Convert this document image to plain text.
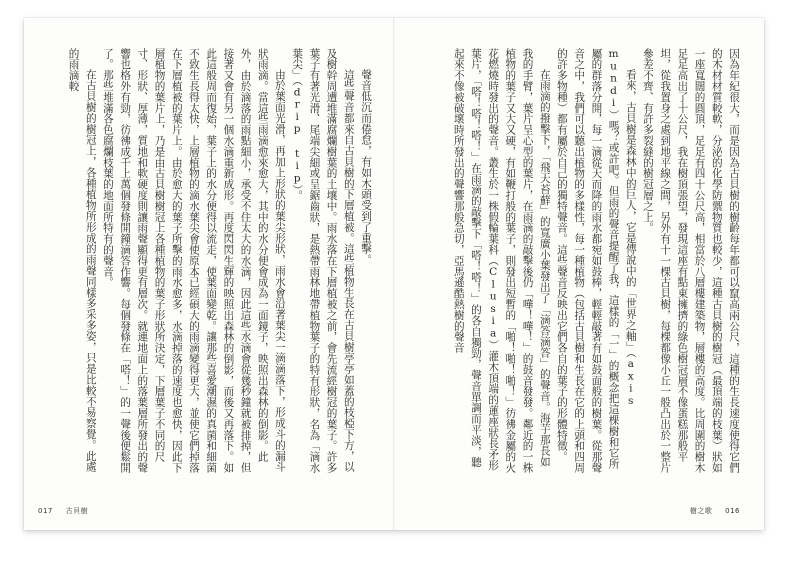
聲音低沉而倦怠，有如木頭受到了重擊。

這些聲音都來自古貝樹的下層植被。這些植物生長在古貝樹亭亭如蓋的枝椏下方，以及樹幹周遭堆滿腐爛樹葉的土壤中。雨水落在下層植被之前，會先流經樹冠的葉子。許多葉子有著光滑、尾端尖細或呈鋸齒狀，是熱帶雨林地帶植物葉子的特有形狀，名為「滴水葉尖」（drip tip）。

由於葉面光滑，再加上形狀的葉尖形狀，雨水會沿著葉尖一滴滴落下，形成斗的漏斗狀雨滴。當這些雨滴愈來愈大，其中的水分便會成為一面鏡子，映照出森林的倒影。此外，由於滴落的雨點細小，承受不住太大的水滴，因此這些水滴會從幾秒鐘就被排掉，但接著又會有另一個水滴重新成形。再度閃閃生輝的映照出森林的倒影，而後又再落下。如此這般周而復始，葉子上的水分便得以流走，使葉面變乾。讓那些喜愛潮濕的真菌和細菌不致生長得太快，上層植物的滴水葉尖會使原本已經碩大的雨滴變得更大，並使它們掉落在下層植被的葉片上。由於愈大的葉子所擊的雨水愈多，水滴掉落的速度也愈快，因此下層植物的葉片上，乃是由古貝樹樹冠上各種植物的葉子形狀所決定，下層葉子不同的尺寸、形狀、厚薄，質地和軟硬度則讓雨聲顯得更有層次。就連地面上的落葉層所發出的聲響也格外有勁，彷彿成千上萬個發條開鐘滴答作響。每個發條在「嗒！」的一聲後便鬆開了。那些堆滿各色腐爛枝葉的地面所特有的聲音。

在古貝樹的樹冠上，各種植物所形成的雨聲同樣多采多姿，只是比較不易察覺。此處的雨滴較

017 古貝樹

因為年紀很大，而是因為古貝樹的樹齡每年都可以竄高兩公尺，這種的生長速度使得它們的木材材質較軟，分泌的化學防禦物質也較少，這種古貝樹的樹冠（最頂端的枝葉）狀如一座寬闊的圓頂，足足有四十公尺高，相當於八層樓建築物，層樓的高度。比周圍的樹木足足高出了十公尺，我在樹頂張望，發現這座有點東擁擠的綠色樹冠層不像蛋糕那般平坦，從我置身之處到地平線之間，另外有十一棵古貝樹，每棵都像小丘一般凸出於一整片參差不齊、有許多裂縫的樹冠層之上。

看來，古貝樹是森林中的巨人，它是傳說中的「世界之軸」（axis mundi）嗎？或許吧。但雨的聲音提醒了我，這樣的「一」的概念把這棵樹和它所屬的群落分開，每一滴從天而降的雨水都宛如鼓棒，輕輕敲著有如鼓面般的樹葉。從那聲音之中，我們可以聽出植物的多樣性，每一種植物（包括古貝樹和生長在它的上頭和四周的許多物種）都有屬於自己的獨特聲音。這些聲音反映出它們各自的葉子的形體特徵。

在雨滴的撥擊下，「飛天苔蘚」的寬廣小葉發出了「滴答滴答」的聲音。海芋那長如我的手臂，葉片呈心型的葉片，在雨滴的敲擊後仍「嘩！嘩！」的鼓音發發。鄰近的一株植物的葉子又大又硬，有如鞭打般的葉子，則發出短暫的「啪！啪！啪！」彷彿金屬的火花燃燒時發出的聲音。叢生於一株假輪葉科（Clusia）灌木頂端的蓮座狀長矛形葉片，「嗒！嗒！嗒！」在雨滴的敲擊下「嗒！嗒！」的各自獨勁，聲音單調而平淡，聽起來不像被破壞時所發出的聲響那般急切，亞馬遜酷熱樹的聲音

樹之歌 016
